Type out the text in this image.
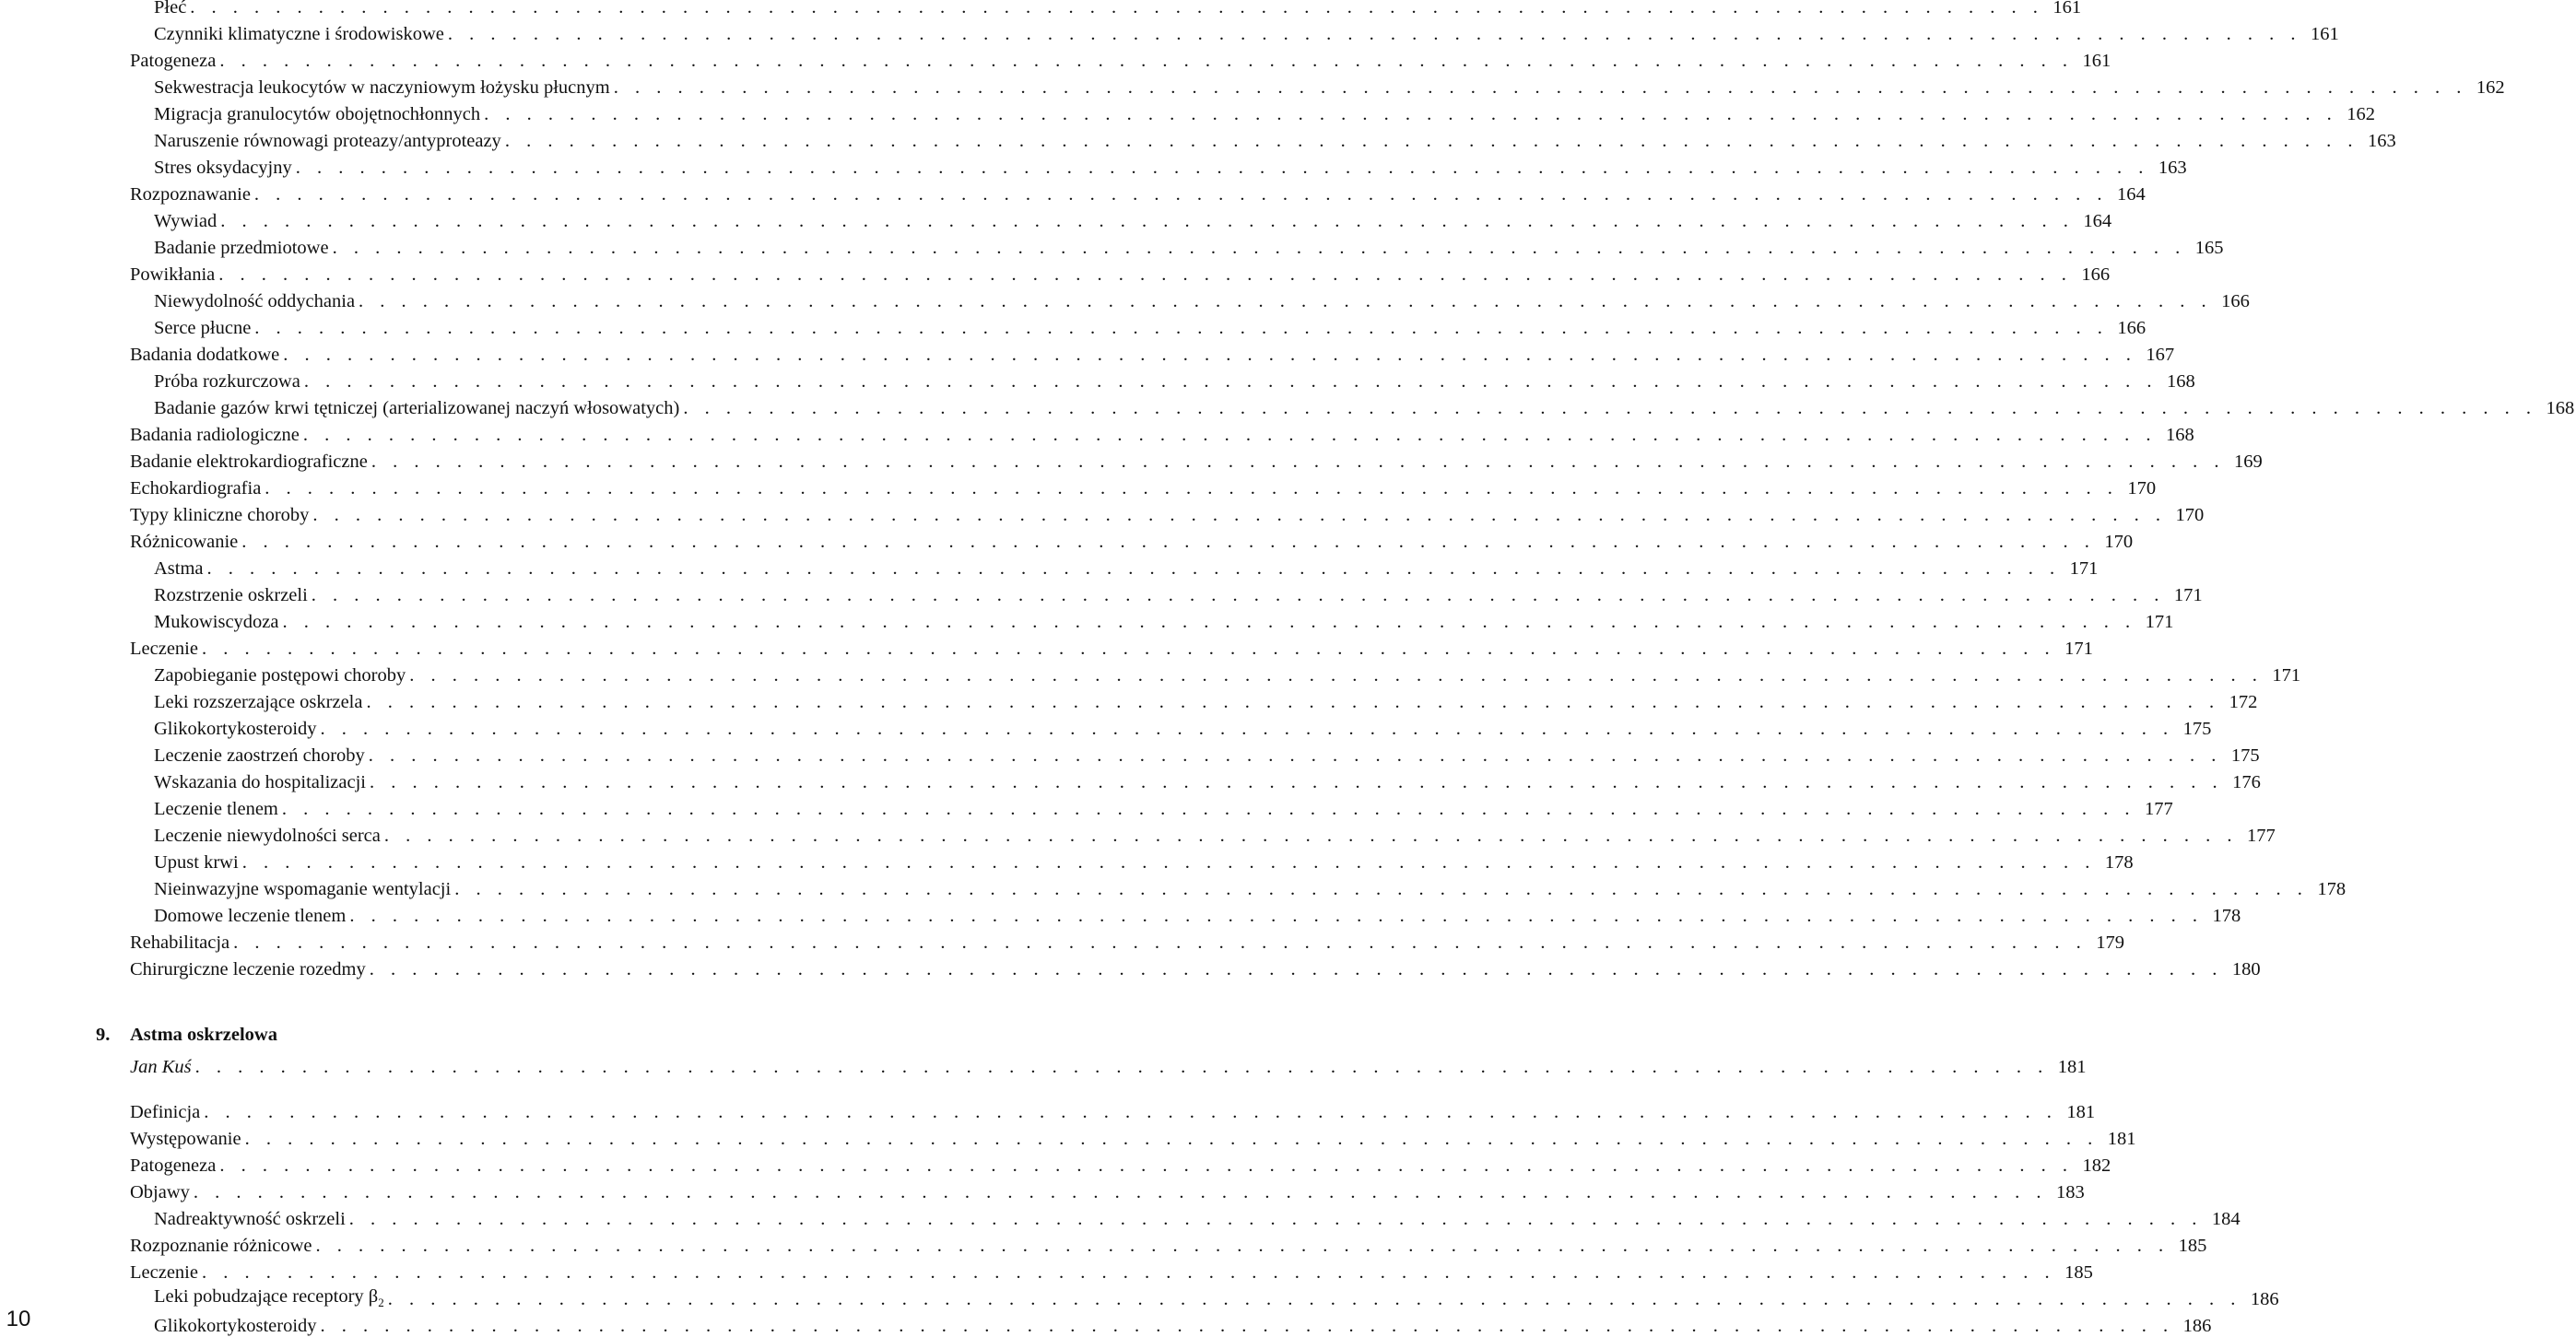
Płeć . . . . . . . . . . . . . . . . . . . . . . . . . . . . . . . . . . . . . . . . . . . . . . . . . . . . . . . . . . . . . . . . . . . . . . . . . . . . . . . . . . . . . . . 161
Czynniki klimatyczne i środowiskowe . . . . . . . . . . . . . . . . . . . . . . . . . . . . . . . . . . . . . . . . . . . . . . . . . . . . . . . . . . . . . . . . . . . . . . . . . . . . . . . . . . . . . . . 161
Patogeneza . . . . . . . . . . . . . . . . . . . . . . . . . . . . . . . . . . . . . . . . . . . . . . . . . . . . . . . . . . . . . . . . . . . . . . . . . . . . . . . . . . . . . . . 161
Sekwestracja leukocytów w naczyniowym łożysku płucnym . . . . . . . . . . . . . . . . . . . . . . . . . . . . . . . . . . . . . . . . . . . . . . . . . . . . . . . . . . . . . . . . . . . . . . . . . . . . . . . . . . . . . . . 162
Migracja granulocytów obojętnochłonnych . . . . . . . . . . . . . . . . . . . . . . . . . . . . . . . . . . . . . . . . . . . . . . . . . . . . . . . . . . . . . . . . . . . . . . . . . . . . . . . . . . . . . . . 162
Naruszenie równowagi proteazy/antyproteazy . . . . . . . . . . . . . . . . . . . . . . . . . . . . . . . . . . . . . . . . . . . . . . . . . . . . . . . . . . . . . . . . . . . . . . . . . . . . . . . . . . . . . . . 163
Stres oksydacyjny . . . . . . . . . . . . . . . . . . . . . . . . . . . . . . . . . . . . . . . . . . . . . . . . . . . . . . . . . . . . . . . . . . . . . . . . . . . . . . . . . . . . . . . 163
Rozpoznawanie . . . . . . . . . . . . . . . . . . . . . . . . . . . . . . . . . . . . . . . . . . . . . . . . . . . . . . . . . . . . . . . . . . . . . . . . . . . . . . . . . . . . . . . 164
Wywiad . . . . . . . . . . . . . . . . . . . . . . . . . . . . . . . . . . . . . . . . . . . . . . . . . . . . . . . . . . . . . . . . . . . . . . . . . . . . . . . . . . . . . . . 164
Badanie przedmiotowe . . . . . . . . . . . . . . . . . . . . . . . . . . . . . . . . . . . . . . . . . . . . . . . . . . . . . . . . . . . . . . . . . . . . . . . . . . . . . . . . . . . . . . . 165
Powikłania . . . . . . . . . . . . . . . . . . . . . . . . . . . . . . . . . . . . . . . . . . . . . . . . . . . . . . . . . . . . . . . . . . . . . . . . . . . . . . . . . . . . . . . 166
Niewydolność oddychania . . . . . . . . . . . . . . . . . . . . . . . . . . . . . . . . . . . . . . . . . . . . . . . . . . . . . . . . . . . . . . . . . . . . . . . . . . . . . . . . . . . . . . . 166
Serce płucne . . . . . . . . . . . . . . . . . . . . . . . . . . . . . . . . . . . . . . . . . . . . . . . . . . . . . . . . . . . . . . . . . . . . . . . . . . . . . . . . . . . . . . . 166
Badania dodatkowe . . . . . . . . . . . . . . . . . . . . . . . . . . . . . . . . . . . . . . . . . . . . . . . . . . . . . . . . . . . . . . . . . . . . . . . . . . . . . . . . . . . . . . . 167
Próba rozkurczowa . . . . . . . . . . . . . . . . . . . . . . . . . . . . . . . . . . . . . . . . . . . . . . . . . . . . . . . . . . . . . . . . . . . . . . . . . . . . . . . . . . . . . . . 168
Badanie gazów krwi tętniczej (arterializowanej naczyń włosowatych) . . . . . . . . . . . . . . . . . . . . . . . . . . . . . . . . . . . . . . . . . . . . . . . . . . . . . . . . . . . . . . . . . . . . . . . . . . . . . . . . . . . . . . . 168
Badania radiologiczne . . . . . . . . . . . . . . . . . . . . . . . . . . . . . . . . . . . . . . . . . . . . . . . . . . . . . . . . . . . . . . . . . . . . . . . . . . . . . . . . . . . . . . . 168
Badanie elektrokardiograficzne . . . . . . . . . . . . . . . . . . . . . . . . . . . . . . . . . . . . . . . . . . . . . . . . . . . . . . . . . . . . . . . . . . . . . . . . . . . . . . . . . . . . . . . 169
Echokardiografia . . . . . . . . . . . . . . . . . . . . . . . . . . . . . . . . . . . . . . . . . . . . . . . . . . . . . . . . . . . . . . . . . . . . . . . . . . . . . . . . . . . . . . . 170
Typy kliniczne choroby . . . . . . . . . . . . . . . . . . . . . . . . . . . . . . . . . . . . . . . . . . . . . . . . . . . . . . . . . . . . . . . . . . . . . . . . . . . . . . . . . . . . . . . 170
Różnicowanie . . . . . . . . . . . . . . . . . . . . . . . . . . . . . . . . . . . . . . . . . . . . . . . . . . . . . . . . . . . . . . . . . . . . . . . . . . . . . . . . . . . . . . . 170
Astma . . . . . . . . . . . . . . . . . . . . . . . . . . . . . . . . . . . . . . . . . . . . . . . . . . . . . . . . . . . . . . . . . . . . . . . . . . . . . . . . . . . . . . . 171
Rozstrzenie oskrzeli . . . . . . . . . . . . . . . . . . . . . . . . . . . . . . . . . . . . . . . . . . . . . . . . . . . . . . . . . . . . . . . . . . . . . . . . . . . . . . . . . . . . . . . 171
Mukowiscydoza . . . . . . . . . . . . . . . . . . . . . . . . . . . . . . . . . . . . . . . . . . . . . . . . . . . . . . . . . . . . . . . . . . . . . . . . . . . . . . . . . . . . . . . 171
Leczenie . . . . . . . . . . . . . . . . . . . . . . . . . . . . . . . . . . . . . . . . . . . . . . . . . . . . . . . . . . . . . . . . . . . . . . . . . . . . . . . . . . . . . . . 171
Zapobieganie postępowi choroby . . . . . . . . . . . . . . . . . . . . . . . . . . . . . . . . . . . . . . . . . . . . . . . . . . . . . . . . . . . . . . . . . . . . . . . . . . . . . . . . . . . . . . . 171
Leki rozszerzające oskrzela . . . . . . . . . . . . . . . . . . . . . . . . . . . . . . . . . . . . . . . . . . . . . . . . . . . . . . . . . . . . . . . . . . . . . . . . . . . . . . . . . . . . . . . 172
Glikokortykosteroidy . . . . . . . . . . . . . . . . . . . . . . . . . . . . . . . . . . . . . . . . . . . . . . . . . . . . . . . . . . . . . . . . . . . . . . . . . . . . . . . . . . . . . . . 175
Leczenie zaostrzeń choroby . . . . . . . . . . . . . . . . . . . . . . . . . . . . . . . . . . . . . . . . . . . . . . . . . . . . . . . . . . . . . . . . . . . . . . . . . . . . . . . . . . . . . . . 175
Wskazania do hospitalizacji . . . . . . . . . . . . . . . . . . . . . . . . . . . . . . . . . . . . . . . . . . . . . . . . . . . . . . . . . . . . . . . . . . . . . . . . . . . . . . . . . . . . . . . 176
Leczenie tlenem . . . . . . . . . . . . . . . . . . . . . . . . . . . . . . . . . . . . . . . . . . . . . . . . . . . . . . . . . . . . . . . . . . . . . . . . . . . . . . . . . . . . . . . 177
Leczenie niewydolności serca . . . . . . . . . . . . . . . . . . . . . . . . . . . . . . . . . . . . . . . . . . . . . . . . . . . . . . . . . . . . . . . . . . . . . . . . . . . . . . . . . . . . . . . 177
Upust krwi . . . . . . . . . . . . . . . . . . . . . . . . . . . . . . . . . . . . . . . . . . . . . . . . . . . . . . . . . . . . . . . . . . . . . . . . . . . . . . . . . . . . . . . 178
Nieinwazyjne wspomaganie wentylacji . . . . . . . . . . . . . . . . . . . . . . . . . . . . . . . . . . . . . . . . . . . . . . . . . . . . . . . . . . . . . . . . . . . . . . . . . . . . . . . . . . . . . . . 178
Domowe leczenie tlenem . . . . . . . . . . . . . . . . . . . . . . . . . . . . . . . . . . . . . . . . . . . . . . . . . . . . . . . . . . . . . . . . . . . . . . . . . . . . . . . . . . . . . . . 178
Rehabilitacja . . . . . . . . . . . . . . . . . . . . . . . . . . . . . . . . . . . . . . . . . . . . . . . . . . . . . . . . . . . . . . . . . . . . . . . . . . . . . . . . . . . . . . . 179
Chirurgiczne leczenie rozedmy . . . . . . . . . . . . . . . . . . . . . . . . . . . . . . . . . . . . . . . . . . . . . . . . . . . . . . . . . . . . . . . . . . . . . . . . . . . . . . . . . . . . . . . 180
Jan Kuś . . . . . . . . . . . . . . . . . . . . . . . . . . . . . . . . . . . . . . . . . . . . . . . . . . . . . . . . . . . . . . . . . . . . . . . . . . . . . . . . . . . . . . . 181
Definicja . . . . . . . . . . . . . . . . . . . . . . . . . . . . . . . . . . . . . . . . . . . . . . . . . . . . . . . . . . . . . . . . . . . . . . . . . . . . . . . . . . . . . . . 181
Występowanie . . . . . . . . . . . . . . . . . . . . . . . . . . . . . . . . . . . . . . . . . . . . . . . . . . . . . . . . . . . . . . . . . . . . . . . . . . . . . . . . . . . . . . . 181
Patogeneza . . . . . . . . . . . . . . . . . . . . . . . . . . . . . . . . . . . . . . . . . . . . . . . . . . . . . . . . . . . . . . . . . . . . . . . . . . . . . . . . . . . . . . . 182
Objawy . . . . . . . . . . . . . . . . . . . . . . . . . . . . . . . . . . . . . . . . . . . . . . . . . . . . . . . . . . . . . . . . . . . . . . . . . . . . . . . . . . . . . . . 183
Nadreaktywność oskrzeli . . . . . . . . . . . . . . . . . . . . . . . . . . . . . . . . . . . . . . . . . . . . . . . . . . . . . . . . . . . . . . . . . . . . . . . . . . . . . . . . . . . . . . . 184
Rozpoznanie różnicowe . . . . . . . . . . . . . . . . . . . . . . . . . . . . . . . . . . . . . . . . . . . . . . . . . . . . . . . . . . . . . . . . . . . . . . . . . . . . . . . . . . . . . . . 185
Leczenie . . . . . . . . . . . . . . . . . . . . . . . . . . . . . . . . . . . . . . . . . . . . . . . . . . . . . . . . . . . . . . . . . . . . . . . . . . . . . . . . . . . . . . . 185
Leki pobudzające receptory $\beta_2$ . . . . . . . . . . . . . . . . . . . . . . . . . . . . . . . . . . . . . . . . . . . . . . . . . . . . . . . . . . . . . . . . . . . . . . . . . . . . . . . . . . . . . . . 186
Glikokortykosteroidy . . . . . . . . . . . . . . . . . . . . . . . . . . . . . . . . . . . . . . . . . . . . . . . . . . . . . . . . . . . . . . . . . . . . . . . . . . . . . . . . . . . . . . . 186
9. Astma oskrzelowa
10
